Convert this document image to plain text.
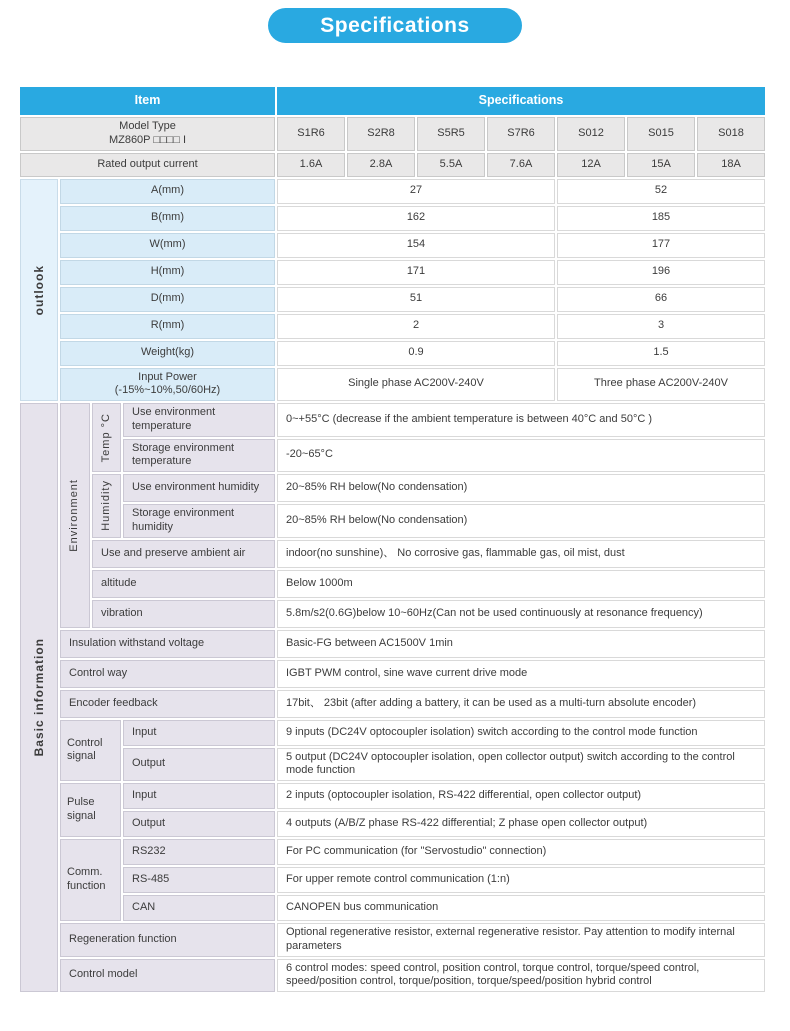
Specifications
Item				Specifications						

Model Type
MZ860P □□□□ I				S1R6	S2R8	S5R5	S7R6	S012	S015	S018
Rated output current				1.6A	2.8A	5.5A	7.6A	12A	15A	18A

outlook	A(mm)			27				52		
	B(mm)			162				185		
	W(mm)			154				177		
	H(mm)			171				196		
	D(mm)			51				66		
	R(mm)			2				3		
	Weight(kg)			0.9				1.5		

	Input Power
(-15%~10%,50/60Hz)			Single phase AC200V-240V				Three phase AC200V-240V		

Basic information	Environment	Temp °C	Use environment temperature	0~+55°C (decrease if the ambient temperature is between 40°C and 50°C )						
			Storage environment temperature	-20~65°C						

		Humidity	Use environment humidity	20~85% RH below(No condensation)						
			Storage environment humidity	20~85% RH below(No condensation)						
		Use and preserve ambient air		indoor(no sunshine)、 No corrosive gas, flammable gas, oil mist, dust						
		altitude		Below 1000m						
		vibration		5.8m/s2(0.6G)below 10~60Hz(Can not be used continuously at resonance frequency)						
	Insulation withstand voltage			Basic-FG between AC1500V 1min						
	Control way			IGBT PWM control, sine wave current drive mode						
	Encoder feedback			17bit、 23bit (after adding a battery, it can be used as a multi-turn absolute encoder)						
	Control signal		Input	9 inputs (DC24V optocoupler isolation) switch according to the control mode function						
			Output	5 output (DC24V optocoupler isolation, open collector output) switch according to the control mode function						
	Pulse signal		Input	2 inputs (optocoupler isolation, RS-422 differential, open collector output)						
			Output	4 outputs (A/B/Z phase RS-422 differential; Z phase open collector output)						
	Comm. function		RS232	For PC communication (for "Servostudio" connection)						
			RS-485	For upper remote control communication (1:n)						
			CAN	CANOPEN bus communication						
	Regeneration function			Optional regenerative resistor, external regenerative resistor. Pay attention to modify internal parameters						
	Control model			6 control modes: speed control, position control, torque control, torque/speed control, speed/position control, torque/position, torque/speed/position hybrid control						
